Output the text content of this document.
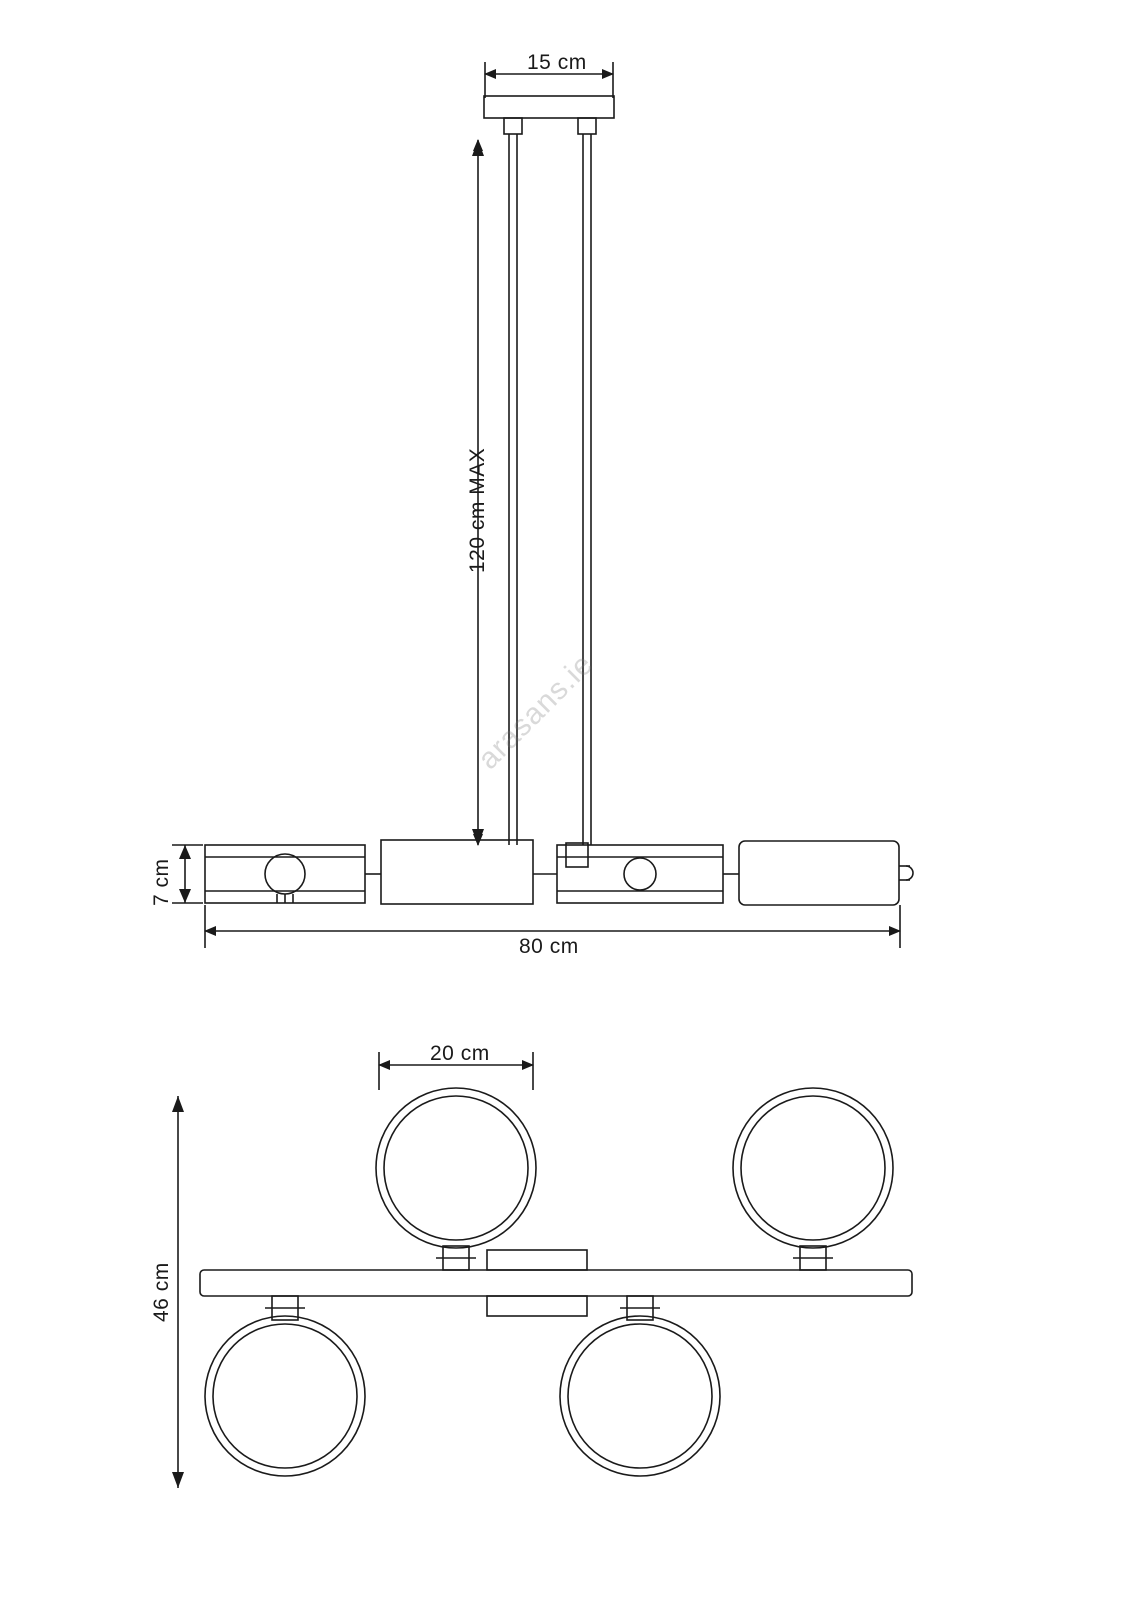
15 cm
120 cm MAX
7 cm
80 cm
20 cm
46 cm
arasans.ie
